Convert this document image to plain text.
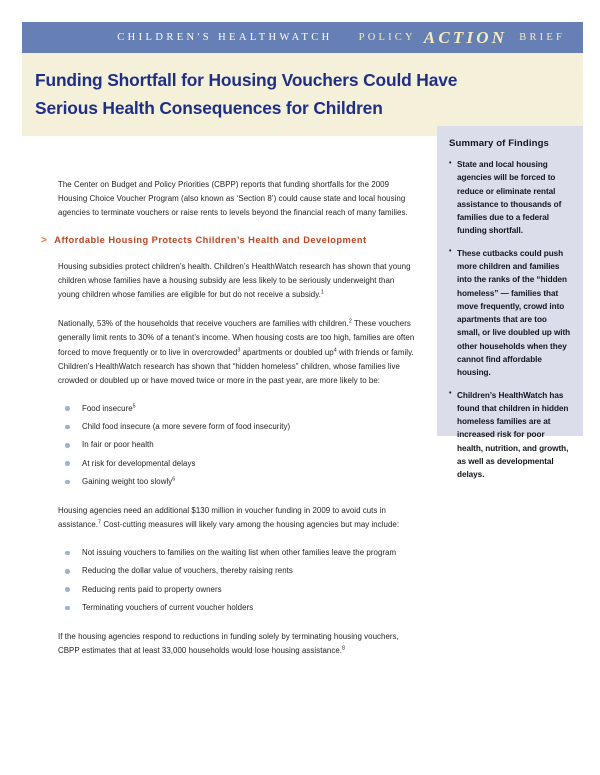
CHILDREN'S HEALTHWATCH POLICY ACTION BRIEF
Funding Shortfall for Housing Vouchers Could Have Serious Health Consequences for Children
Summary of Findings
• State and local housing agencies will be forced to reduce or eliminate rental assistance to thousands of families due to a federal funding shortfall.
• These cutbacks could push more children and families into the ranks of the “hidden homeless” — families that move frequently, crowd into apartments that are too small, or live doubled up with other households when they cannot find affordable housing.
• Children’s HealthWatch has found that children in hidden homeless families are at increased risk for poor health, nutrition, and growth, as well as developmental delays.

The Center on Budget and Policy Priorities (CBPP) reports that funding shortfalls for the 2009 Housing Choice Voucher Program (also known as ‘Section 8’) could cause state and local housing agencies to terminate vouchers or raise rents to levels beyond the financial reach of many families.

> Affordable Housing Protects Children’s Health and Development

Housing subsidies protect children’s health. Children’s HealthWatch research has shown that young children whose families have a housing subsidy are less likely to be seriously underweight than young children whose families are eligible for but do not receive a subsidy.$^1$

Nationally, 53% of the households that receive vouchers are families with children.$^2$ These vouchers generally limit rents to 30% of a tenant’s income. When housing costs are too high, families are often forced to move frequently or to live in overcrowded$^3$ apartments or doubled $up^4$ with friends or family. Children’s HealthWatch research has shown that “hidden homeless” children, whose families live crowded or doubled up or have moved twice or more in the past year, are more likely to be:

Food insecure$^5$
Child food insecure (a more severe form of food insecurity)
In fair or poor health
At risk for developmental delays
Gaining weight too slowly$^6$

Housing agencies need an additional $130 million in voucher funding in 2009 to avoid cuts in assistance.$^7$ Cost-cutting measures will likely vary among the housing agencies but may include:

Not issuing vouchers to families on the waiting list when other families leave the program
Reducing the dollar value of vouchers, thereby raising rents
Reducing rents paid to property owners
Terminating vouchers of current voucher holders

If the housing agencies respond to reductions in funding solely by terminating housing vouchers, CBPP estimates that at least 33,000 households would lose housing assistance.$^8$
